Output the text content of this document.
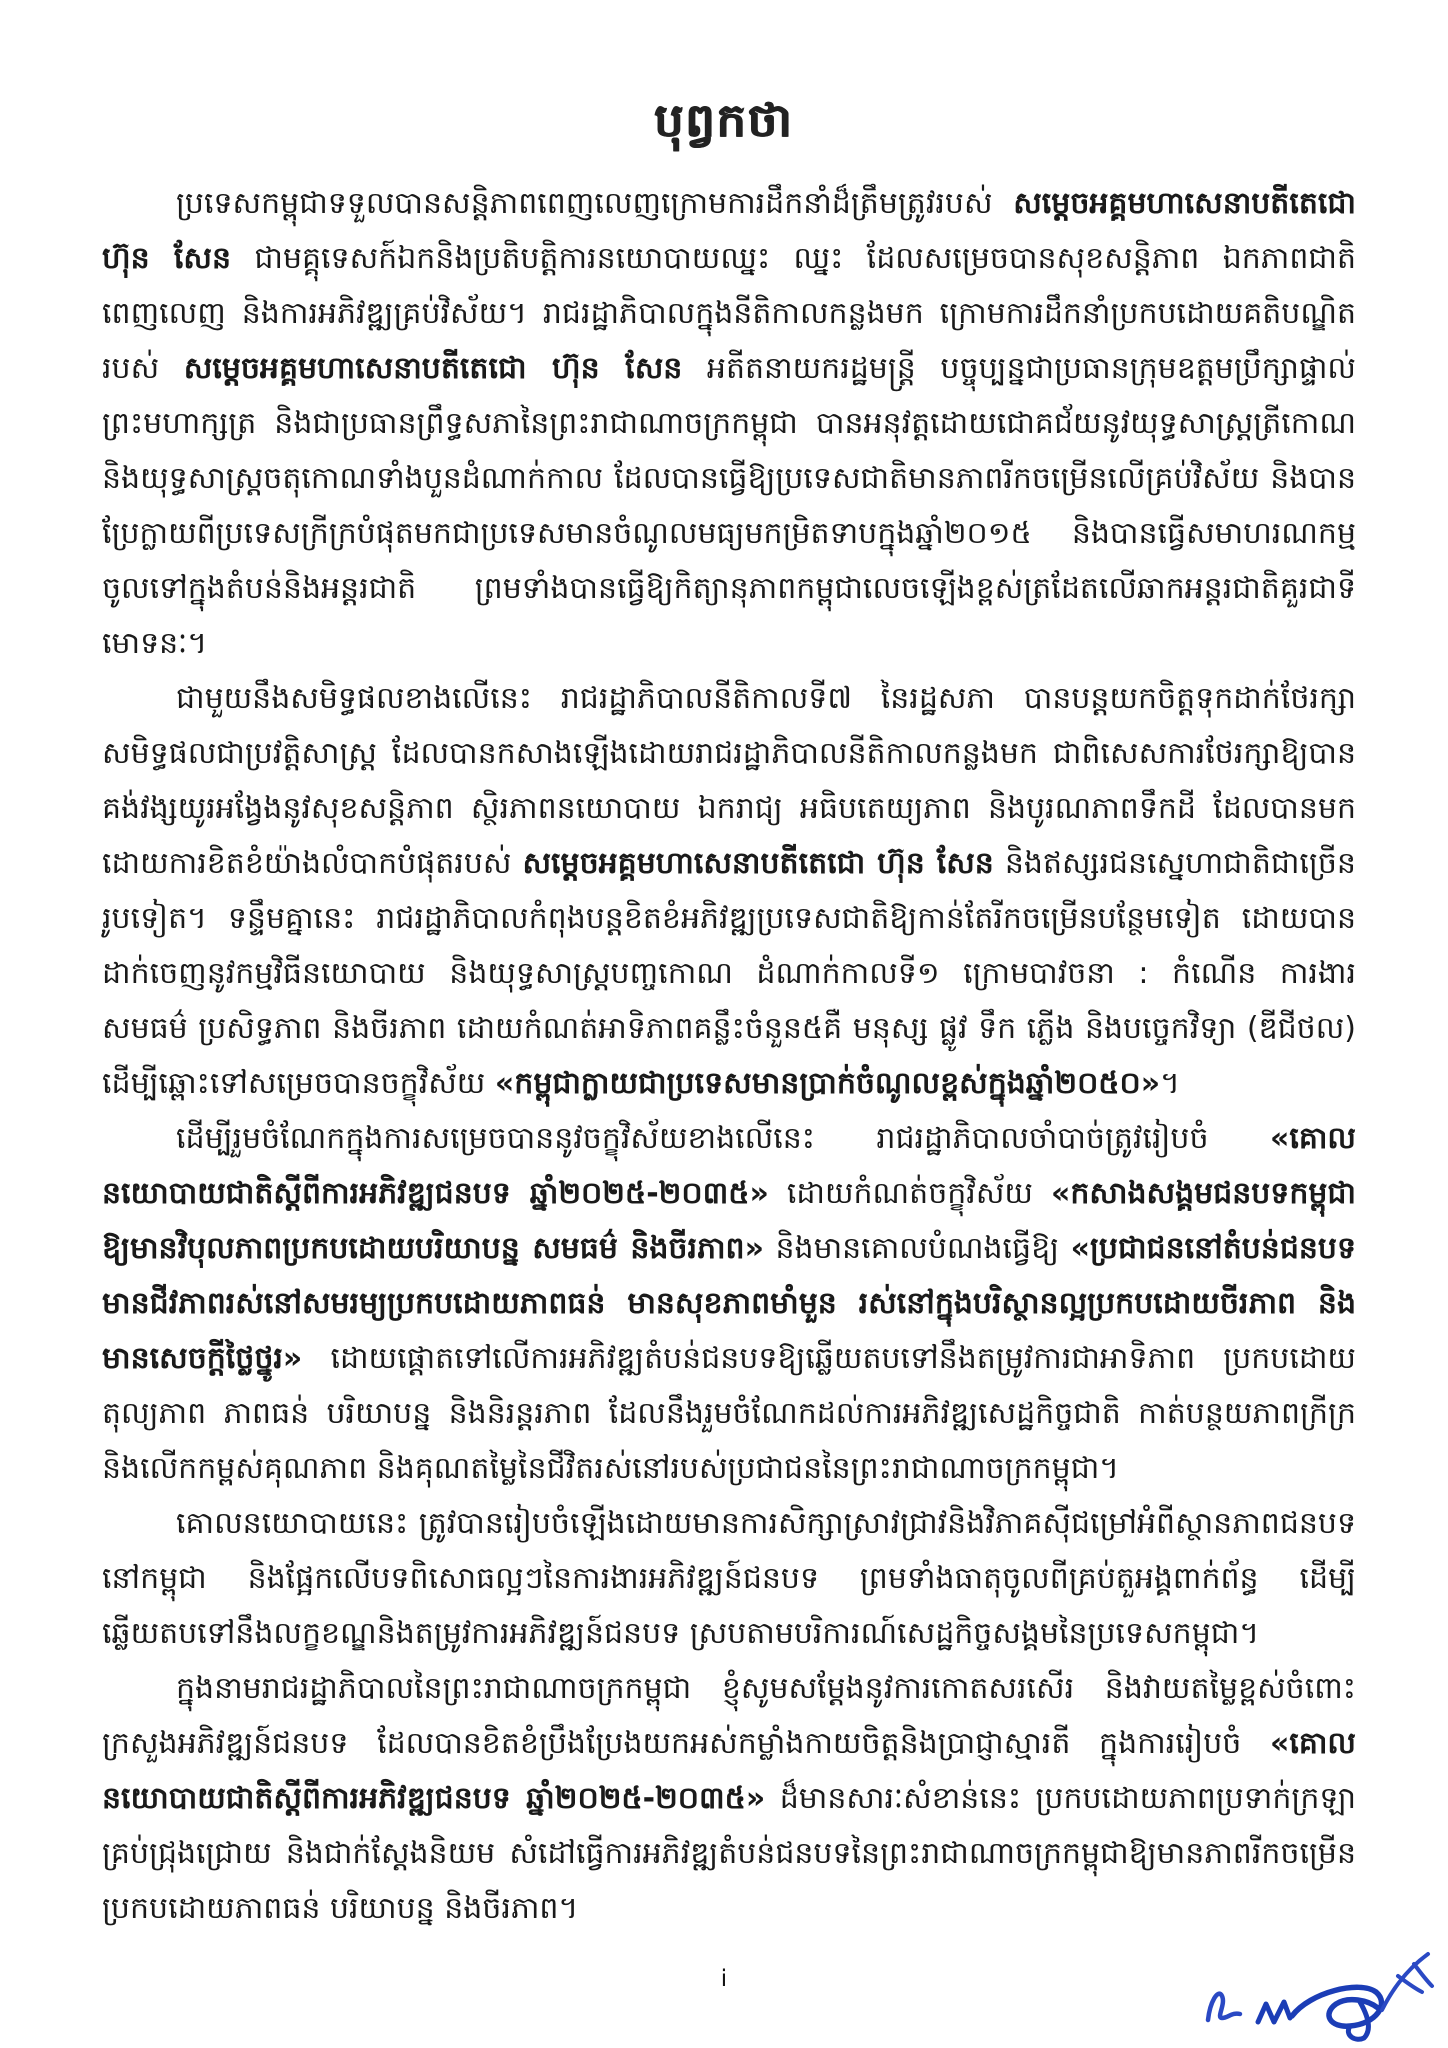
បុព្វកថា

ប្រទេសកម្ពុជាទទួលបានសន្តិភាពពេញលេញក្រោមការដឹកនាំដ៏ត្រឹមត្រូវរបស់ សម្តេចអគ្គមហាសេនាបតីតេជោ ហ៊ុន សែន ជាមគ្គុទេសក៍ឯកនិងប្រតិបត្តិការនយោបាយឈ្នះ ឈ្នះ ដែលសម្រេចបានសុខសន្តិភាព ឯកភាពជាតិពេញលេញ និងការអភិវឌ្ឍគ្រប់វិស័យ។ រាជរដ្ឋាភិបាលក្នុងនីតិកាលកន្លងមក ក្រោមការដឹកនាំប្រកបដោយគតិបណ្ឌិតរបស់ សម្តេចអគ្គមហាសេនាបតីតេជោ ហ៊ុន សែន អតីតនាយករដ្ឋមន្ត្រី បច្ចុប្បន្នជាប្រធានក្រុមឧត្តមប្រឹក្សាផ្ទាល់ព្រះមហាក្សត្រ និងជាប្រធានព្រឹទ្ធសភានៃព្រះរាជាណាចក្រកម្ពុជា បានអនុវត្តដោយជោគជ័យនូវយុទ្ធសាស្ត្រត្រីកោណ និងយុទ្ធសាស្ត្រចតុកោណទាំងបួនដំណាក់កាល ដែលបានធ្វើឱ្យប្រទេសជាតិមានភាពរីកចម្រើនលើគ្រប់វិស័យ និងបានប្រែក្លាយពីប្រទេសក្រីក្របំផុតមកជាប្រទេសមានចំណូលមធ្យមកម្រិតទាបក្នុងឆ្នាំ២០១៥ និងបានធ្វើសមាហរណកម្មចូលទៅក្នុងតំបន់និងអន្តរជាតិ ព្រមទាំងបានធ្វើឱ្យកិត្យានុភាពកម្ពុជាលេចឡើងខ្ពស់ត្រដែតលើឆាកអន្តរជាតិគួរជាទីមោទនៈ។

ជាមួយនឹងសមិទ្ធផលខាងលើនេះ រាជរដ្ឋាភិបាលនីតិកាលទី៧ នៃរដ្ឋសភា បានបន្តយកចិត្តទុកដាក់ថែរក្សាសមិទ្ធផលជាប្រវត្តិសាស្ត្រ ដែលបានកសាងឡើងដោយរាជរដ្ឋាភិបាលនីតិកាលកន្លងមក ជាពិសេសការថែរក្សាឱ្យបានគង់វង្សយូរអង្វែងនូវសុខសន្តិភាព ស្ថិរភាពនយោបាយ ឯករាជ្យ អធិបតេយ្យភាព និងបូរណភាពទឹកដី ដែលបានមកដោយការខិតខំយ៉ាងលំបាកបំផុតរបស់ សម្តេចអគ្គមហាសេនាបតីតេជោ ហ៊ុន សែន និងឥស្សរជនស្នេហាជាតិជាច្រើនរូបទៀត។ ទន្ទឹមគ្នានេះ រាជរដ្ឋាភិបាលកំពុងបន្តខិតខំអភិវឌ្ឍប្រទេសជាតិឱ្យកាន់តែរីកចម្រើនបន្ថែមទៀត ដោយបានដាក់ចេញនូវកម្មវិធីនយោបាយ និងយុទ្ធសាស្ត្របញ្ចកោណ ដំណាក់កាលទី១ ក្រោមបាវចនា : កំណើន ការងារ សមធម៌ ប្រសិទ្ធភាព និងចីរភាព ដោយកំណត់អាទិភាពគន្លឹះចំនួន៥គឺ មនុស្ស ផ្លូវ ទឹក ភ្លើង និងបច្ចេកវិទ្យា (ឌីជីថល) ដើម្បីឆ្ពោះទៅសម្រេចបានចក្ខុវិស័យ «កម្ពុជាក្លាយជាប្រទេសមានប្រាក់ចំណូលខ្ពស់ក្នុងឆ្នាំ២០៥០»។

ដើម្បីរួមចំណែកក្នុងការសម្រេចបាននូវចក្ខុវិស័យខាងលើនេះ រាជរដ្ឋាភិបាលចាំបាច់ត្រូវរៀបចំ «គោលនយោបាយជាតិស្តីពីការអភិវឌ្ឍជនបទ ឆ្នាំ២០២៥-២០៣៥» ដោយកំណត់ចក្ខុវិស័យ «កសាងសង្គមជនបទកម្ពុជាឱ្យមានវិបុលភាពប្រកបដោយបរិយាបន្ន សមធម៌ និងចីរភាព» និងមានគោលបំណងធ្វើឱ្យ «ប្រជាជននៅតំបន់ជនបទមានជីវភាពរស់នៅសមរម្យប្រកបដោយភាពធន់ មានសុខភាពមាំមួន រស់នៅក្នុងបរិស្ថានល្អប្រកបដោយចីរភាព និងមានសេចក្តីថ្លៃថ្នូរ» ដោយផ្តោតទៅលើការអភិវឌ្ឍតំបន់ជនបទឱ្យឆ្លើយតបទៅនឹងតម្រូវការជាអាទិភាព ប្រកបដោយតុល្យភាព ភាពធន់ បរិយាបន្ន និងនិរន្តរភាព ដែលនឹងរួមចំណែកដល់ការអភិវឌ្ឍសេដ្ឋកិច្ចជាតិ កាត់បន្ថយភាពក្រីក្រ និងលើកកម្ពស់គុណភាព និងគុណតម្លៃនៃជីវិតរស់នៅរបស់ប្រជាជននៃព្រះរាជាណាចក្រកម្ពុជា។

គោលនយោបាយនេះ ត្រូវបានរៀបចំឡើងដោយមានការសិក្សាស្រាវជ្រាវនិងវិភាគស៊ីជម្រៅអំពីស្ថានភាពជនបទនៅកម្ពុជា និងផ្អែកលើបទពិសោធល្អៗនៃការងារអភិវឌ្ឍន៍ជនបទ ព្រមទាំងធាតុចូលពីគ្រប់តួអង្គពាក់ព័ន្ធ ដើម្បីឆ្លើយតបទៅនឹងលក្ខខណ្ឌនិងតម្រូវការអភិវឌ្ឍន៍ជនបទ ស្របតាមបរិការណ៍សេដ្ឋកិច្ចសង្គមនៃប្រទេសកម្ពុជា។

ក្នុងនាមរាជរដ្ឋាភិបាលនៃព្រះរាជាណាចក្រកម្ពុជា ខ្ញុំសូមសម្តែងនូវការកោតសរសើរ និងវាយតម្លៃខ្ពស់ចំពោះក្រសួងអភិវឌ្ឍន៍ជនបទ ដែលបានខិតខំប្រឹងប្រែងយកអស់កម្លាំងកាយចិត្តនិងប្រាជ្ញាស្មារតី ក្នុងការរៀបចំ «គោលនយោបាយជាតិស្តីពីការអភិវឌ្ឍជនបទ ឆ្នាំ២០២៥-២០៣៥» ដ៏មានសារៈសំខាន់នេះ ប្រកបដោយភាពប្រទាក់ក្រឡា គ្រប់ជ្រុងជ្រោយ និងជាក់ស្តែងនិយម សំដៅធ្វើការអភិវឌ្ឍតំបន់ជនបទនៃព្រះរាជាណាចក្រកម្ពុជាឱ្យមានភាពរីកចម្រើន ប្រកបដោយភាពធន់ បរិយាបន្ន និងចីរភាព។

i
